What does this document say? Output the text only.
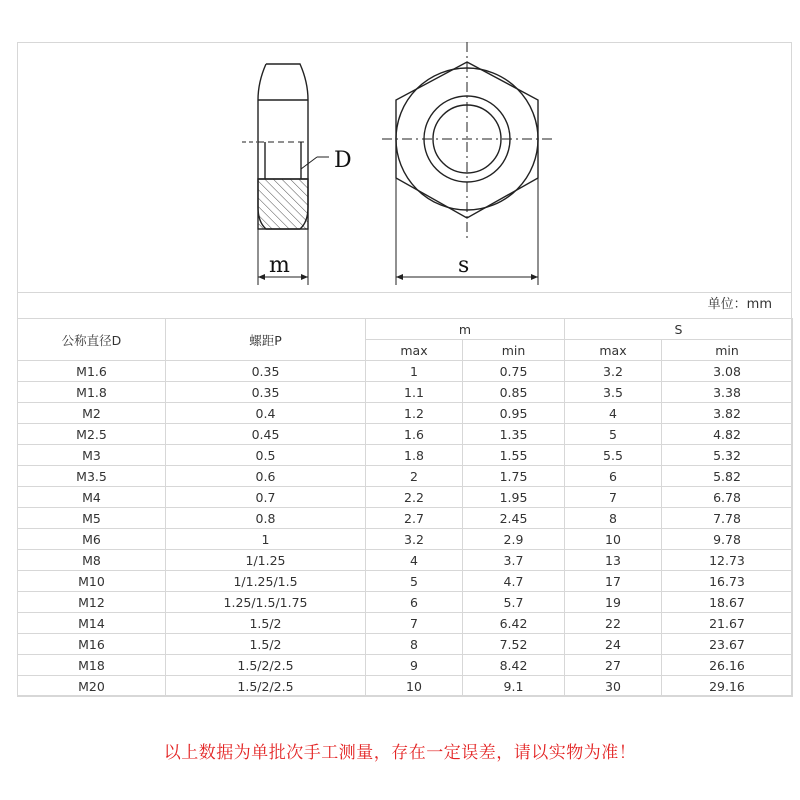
D
m	s
单位：mm
公称直径D	螺距P	m		S	
		max	min	max	min
M1.6	0.35	1	0.75	3.2	3.08
M1.8	0.35	1.1	0.85	3.5	3.38
M2	0.4	1.2	0.95	4	3.82
M2.5	0.45	1.6	1.35	5	4.82
M3	0.5	1.8	1.55	5.5	5.32
M3.5	0.6	2	1.75	6	5.82
M4	0.7	2.2	1.95	7	6.78
M5	0.8	2.7	2.45	8	7.78
M6	1	3.2	2.9	10	9.78
M8	1/1.25	4	3.7	13	12.73
M10	1/1.25/1.5	5	4.7	17	16.73
M12	1.25/1.5/1.75	6	5.7	19	18.67
M14	1.5/2	7	6.42	22	21.67
M16	1.5/2	8	7.52	24	23.67
M18	1.5/2/2.5	9	8.42	27	26.16
M20	1.5/2/2.5	10	9.1	30	29.16
以上数据为单批次手工测量，存在一定误差，请以实物为准！
